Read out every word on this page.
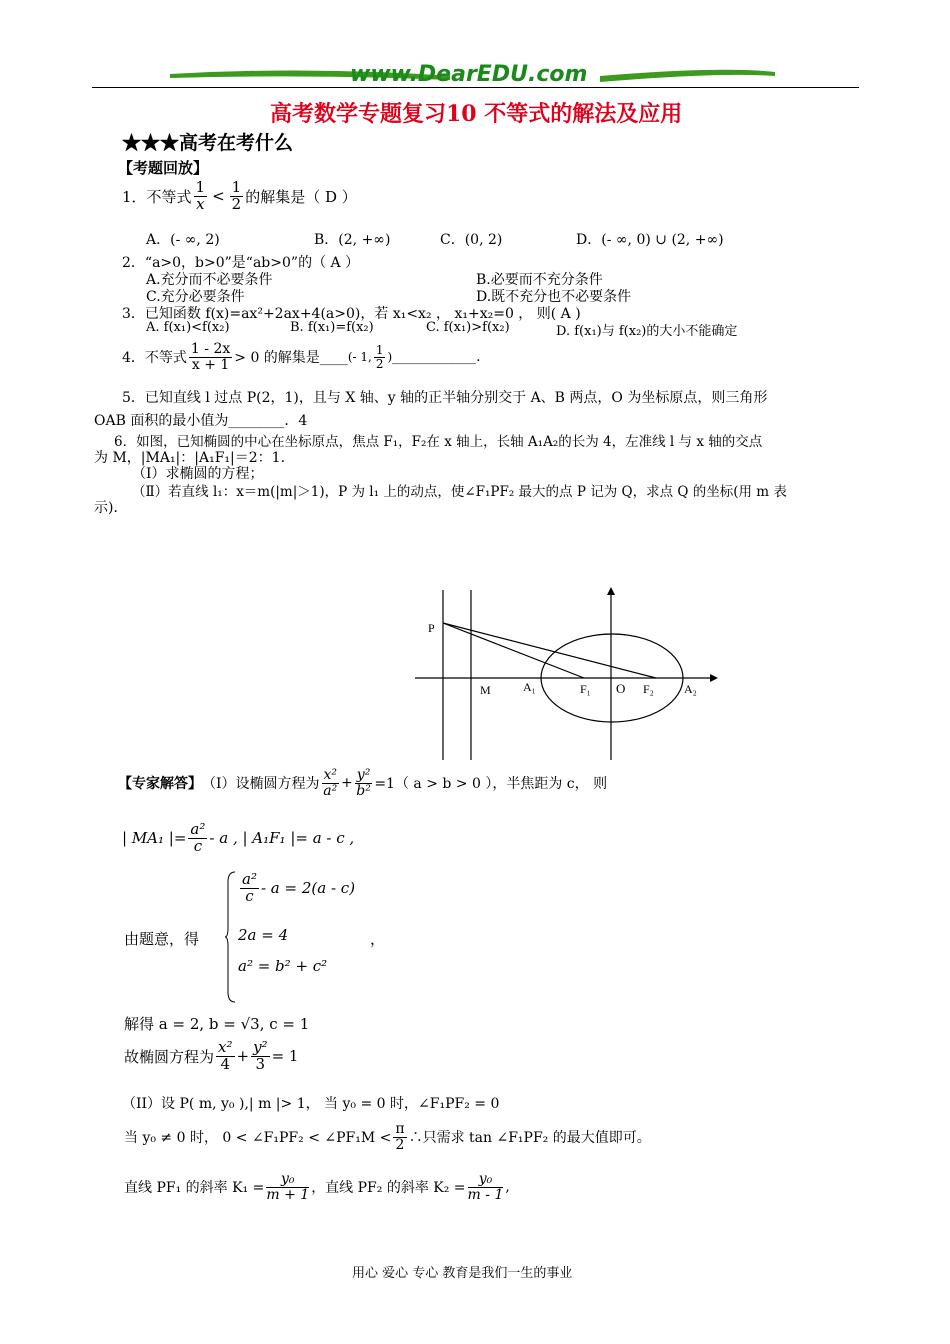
www.DearEDU.com
高考数学专题复习10 不等式的解法及应用
★★★高考在考什么
【考题回放】
1．不等式 $\frac{1}{x} < \frac{1}{2}$ 的解集是（ D ）
A．(- ∞, 2)	B．(2, +∞)	C．(0, 2)	D．(- ∞, 0) ∪ (2, +∞)
2．“a>0，b>0”是“ab>0”的（ A ）
A.充分而不必要条件	B.必要而不充分条件
C.充分必要条件	D.既不充分也不必要条件
3．已知函数 f(x)=ax²+2ax+4(a>0)，若 x₁<x₂ ， x₁+x₂=0 ， 则( A )
A. f(x₁)<f(x₂)	B. f(x₁)=f(x₂)	C. f(x₁)>f(x₂)	D. f(x₁)与 f(x₂)的大小不能确定
4．不等式 $\frac{1 - 2x}{x + 1} > 0$ 的解集是____ (- 1, $\frac{1}{2}$ ) ____________.
5．已知直线 l 过点 P(2，1)，且与 X 轴、y 轴的正半轴分别交于 A、B 两点，O 为坐标原点，则三角形
OAB 面积的最小值为________．4
6．如图，已知椭圆的中心在坐标原点，焦点 F₁，F₂在 x 轴上，长轴 A₁A₂的长为 4，左准线 l 与 x 轴的交点
为 M，|MA₁|：|A₁F₁|＝2：1.
（Ⅰ）求椭圆的方程；
（Ⅱ）若直线 l₁：x＝m(|m|＞1)，P 为 l₁ 上的动点，使∠F₁PF₂ 最大的点 P 记为 Q，求点 Q 的坐标(用 m 表
示)．
P
M	A₁	F₁ O F₂	A₂
【专家解答】 （Ⅰ）设椭圆方程为 $\frac{\text{x²}}{\text{a²}} + \frac{\text{y²}}{\text{b²}} =1$（ a > b > 0 ），半焦距为 c， 则
| MA₁ |= $\frac{\text{a²}}{c}$ - a , | A₁F₁ |= a - c ,
由题意，得
$\frac{\text{a²}}{c} - a = 2(a - c)$
2a = 4
a² = b² + c²
，
解得 a = 2, b = √3, c = 1
故椭圆方程为 $\frac{\text{x²}}{4} + \frac{\text{y²}}{3} = 1$
（II）设 P( m, y₀ ),| m |> 1， 当 y₀ = 0 时，∠F₁PF₂ = 0
当 y₀ ≠ 0 时， 0 < ∠F₁PF₂ < ∠PF₁M < $\frac{\pi}{2}$ ∴只需求 tan ∠F₁PF₂ 的最大值即可。
直线 PF₁ 的斜率 $K_1 = \frac{\text{y₀}}{m + 1}$ ，直线 PF₂ 的斜率 $K_2 = \frac{\text{y₀}}{m - 1}$ ,
用心 爱心 专心 教育是我们一生的事业
